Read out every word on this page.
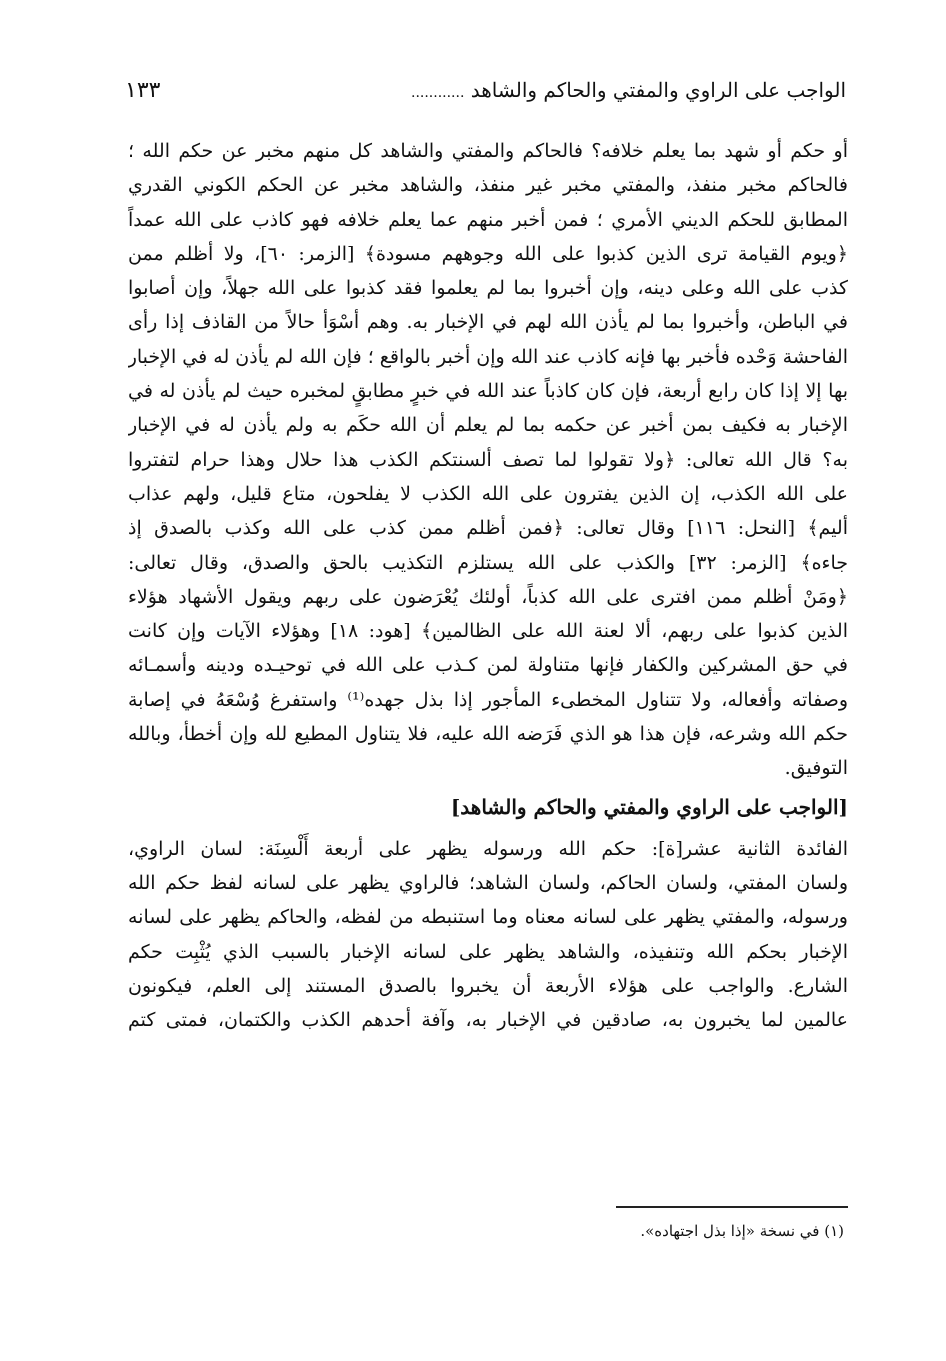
الواجب على الراوي والمفتي والحاكم والشاهد ............
١٣٣
أو حكم أو شهد بما يعلم خلافه؟ فالحاكم والمفتي والشاهد كل منهم مخبر عن حكم الله ؛
فالحاكم مخبر منفذ، والمفتي مخبر غير منفذ، والشاهد مخبر عن الحكم الكوني القدري
المطابق للحكم الديني الأمري ؛ فمن أخبر منهم عما يعلم خلافه فهو كاذب على الله عمداً
﴿ويوم القيامة ترى الذين كذبوا على الله وجوههم مسودة﴾ [الزمر: ٦٠]، ولا أظلم ممن
كذب على الله وعلى دينه، وإن أخبروا بما لم يعلموا فقد كذبوا على الله جهلاً، وإن أصابوا
في الباطن، وأخبروا بما لم يأذن الله لهم في الإخبار به. وهم أسْوَأ حالاً من القاذف إذا رأى
الفاحشة وَحْده فأخبر بها فإنه كاذب عند الله وإن أخبر بالواقع ؛ فإن الله لم يأذن له في الإخبار
بها إلا إذا كان رابع أربعة، فإن كان كاذباً عند الله في خبرٍ مطابقٍ لمخبره حيث لم يأذن له في
الإخبار به فكيف بمن أخبر عن حكمه بما لم يعلم أن الله حكَم به ولم يأذن له في الإخبار
به؟ قال الله تعالى: ﴿ولا تقولوا لما تصف ألسنتكم الكذب هذا حلال وهذا حرام لتفتروا
على الله الكذب، إن الذين يفترون على الله الكذب لا يفلحون، متاع قليل، ولهم عذاب
أليم﴾ [النحل: ١١٦] وقال تعالى: ﴿فمن أظلم ممن كذب على الله وكذب بالصدق إذ
جاءه﴾ [الزمر: ٣٢] والكذب على الله يستلزم التكذيب بالحق والصدق، وقال تعالى:
﴿ومَنْ أظلم ممن افترى على الله كذباً، أولئك يُعْرَضون على ربهم ويقول الأشهاد هؤلاء
الذين كذبوا على ربهم، ألا لعنة الله على الظالمين﴾ [هود: ١٨] وهؤلاء الآيات وإن كانت
في حق المشركين والكفار فإنها متناولة لمن كـذب على الله في توحيـده ودينه وأسمـائه
وصفاته وأفعاله، ولا تتناول المخطىء المأجور إذا بذل جهده⁽¹⁾ واستفرغ وُسْعَهُ في إصابة
حكم الله وشرعه، فإن هذا هو الذي فَرَضه الله عليه، فلا يتناول المطيع لله وإن أخطأ، وبالله
التوفيق.
[الواجب على الراوي والمفتي والحاكم والشاهد]
الفائدة الثانية عشر[ة]: حكم الله ورسوله يظهر على أربعة أَلْسِنَة: لسان الراوي،
ولسان المفتي، ولسان الحاكم، ولسان الشاهد؛ فالراوي يظهر على لسانه لفظ حكم الله
ورسوله، والمفتي يظهر على لسانه معناه وما استنبطه من لفظه، والحاكم يظهر على لسانه
الإخبار بحكم الله وتنفيذه، والشاهد يظهر على لسانه الإخبار بالسبب الذي يُثْبِت حكم
الشارع. والواجب على هؤلاء الأربعة أن يخبروا بالصدق المستند إلى العلم، فيكونون
عالمين لما يخبرون به، صادقين في الإخبار به، وآفة أحدهم الكذب والكتمان، فمتى كتم
(١) في نسخة «إذا بذل اجتهاده».
